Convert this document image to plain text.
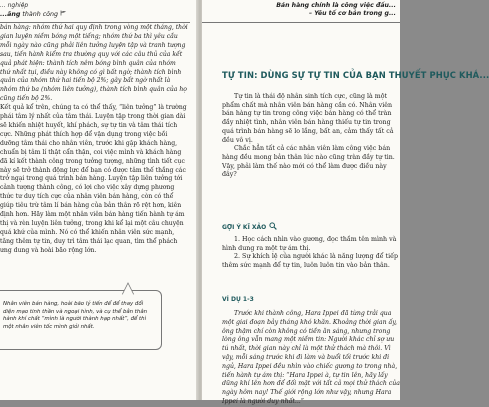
... nghiệp
...ăng thành công

bán hàng: nhóm thứ hai quy định trong vòng một tháng, thời gian luyện niềm bóng một tiếng; nhóm thứ ba thì yêu cầu mỗi ngày nào cũng phải liên tưởng luyện tập và tranh tượng sau, tiến hành kiểm tra thường quy với các câu thủ của kết quả phát hiện: thành tích nêm bóng bình quân của nhóm thứ nhất tụi, điều này không có gì bất ngờ; thành tích bình quân của nhóm thứ hai tiến bộ 2%; gây bất ngờ nhất là nhóm thứ ba (nhóm liên tưởng), thành tích bình quân của họ cũng tiến bộ 2%.

Kết quả kể trên, chúng ta có thể thấy, “liên tưởng” là trường phái tâm lý nhất của tâm thái. Luyện tập trong thời gian dài sẽ khiến nhiệt huyết, khí phách, sự tự tin và tâm thái tích cực. Những phát thích hợp để vận dụng trong việc bồi dưỡng tâm thái cho nhân viên, trước khi gặp khách hàng, chuẩn bị tâm lí thật cẩn thận, coi việc mình và khách hàng đã kí kết thành công trong tưởng tượng, những tình tiết cục này sẽ trở thành động lực để bạn có được tâm thế thắng các trở ngại trong quá trình bán hàng. Luyện tập liên tưởng tới cảnh tượng thành công, có lợi cho việc xây dựng phương thức tư duy tích cực của nhân viên bán hàng, còn có thể giúp tiêu trừ tâm lí bán hàng của bản thân rõ rệt hơn, kiên định hơn. Hãy làm một nhân viên bán hàng tiến hành tự ám thị và rèn luyện liên tưởng, trong khi kể lại một câu chuyện quá khứ của mình. Nó có thể khiến nhân viên sức mạnh, tăng thêm tự tin, duy trì tâm thái lạc quan, tìm thể phách ưng dung và hoài bão rộng lớn.

Nhân viên bán hàng, hoài bão lý tiến để để thay đổi diện mạo tinh thần và ngoại hình, và cụ thể bằn thân hành khí chất “mình là người thành hạp nhất”, để thì một nhân viên tốc mình giỏi nhất.
Bán hàng chính là công việc đầu...
– Yêu tố cơ bản trong g...
TỰ TIN: DÙNG SỰ TỰ TIN CỦA BẠN THUYẾT PHỤC KHÁ...

Tự tin là thái độ nhân sinh tích cực, cũng là một phẩm chất mà nhân viên bán hàng cần có. Nhân viên bán hàng tự tin trong công việc bán hàng có thể tràn đầy nhiệt tình, nhân viên bán hàng thiếu tự tin trong quá trình bán hàng sẽ lo lắng, bất an, cảm thấy tất cả đều vô vị.

Chắc hẳn tất cả các nhân viên làm công việc bán hàng đều mong bản thân lúc nào cũng tràn đầy tự tin. Vậy, phải làm thế nào mới có thể làm được điều này đây?

GỢI Ý KĨ XẢO

1. Học cách nhìn vào gương, đọc thầm tên mình và hình dung ra một tự ám thị.

2. Sự khích lệ của người khác là năng lượng để tiếp thêm sức mạnh để tự tin, luôn luôn tin vào bản thân.

VÍ DỤ 1-3

Trước khi thành công, Hara Ippei đã từng trải qua một giai đoạn bảy tháng khó khăn. Khoảng thời gian ấy, ông thậm chí còn không có tiền ăn sáng, nhưng trong lòng ông vẫn mang một niềm tin: Người khác chỉ sợ ưu tú nhất, thời gian này chỉ là một thử thách mà thôi. Vì vậy, mỗi sáng trước khi đi làm và buổi tối trước khi đi ngủ, Hara Ippei đều nhìn vào chiếc gương to trong nhà, tiến hành tự ám thị: “Hara Ippei à, tự tin lên, hãy lấy dũng khí lên hơn để đối mặt với tất cả mọi thử thách của ngày hôm nay! Thế giới rộng lớn như vậy, nhưng Hara Ippei là người duy nhất...”
